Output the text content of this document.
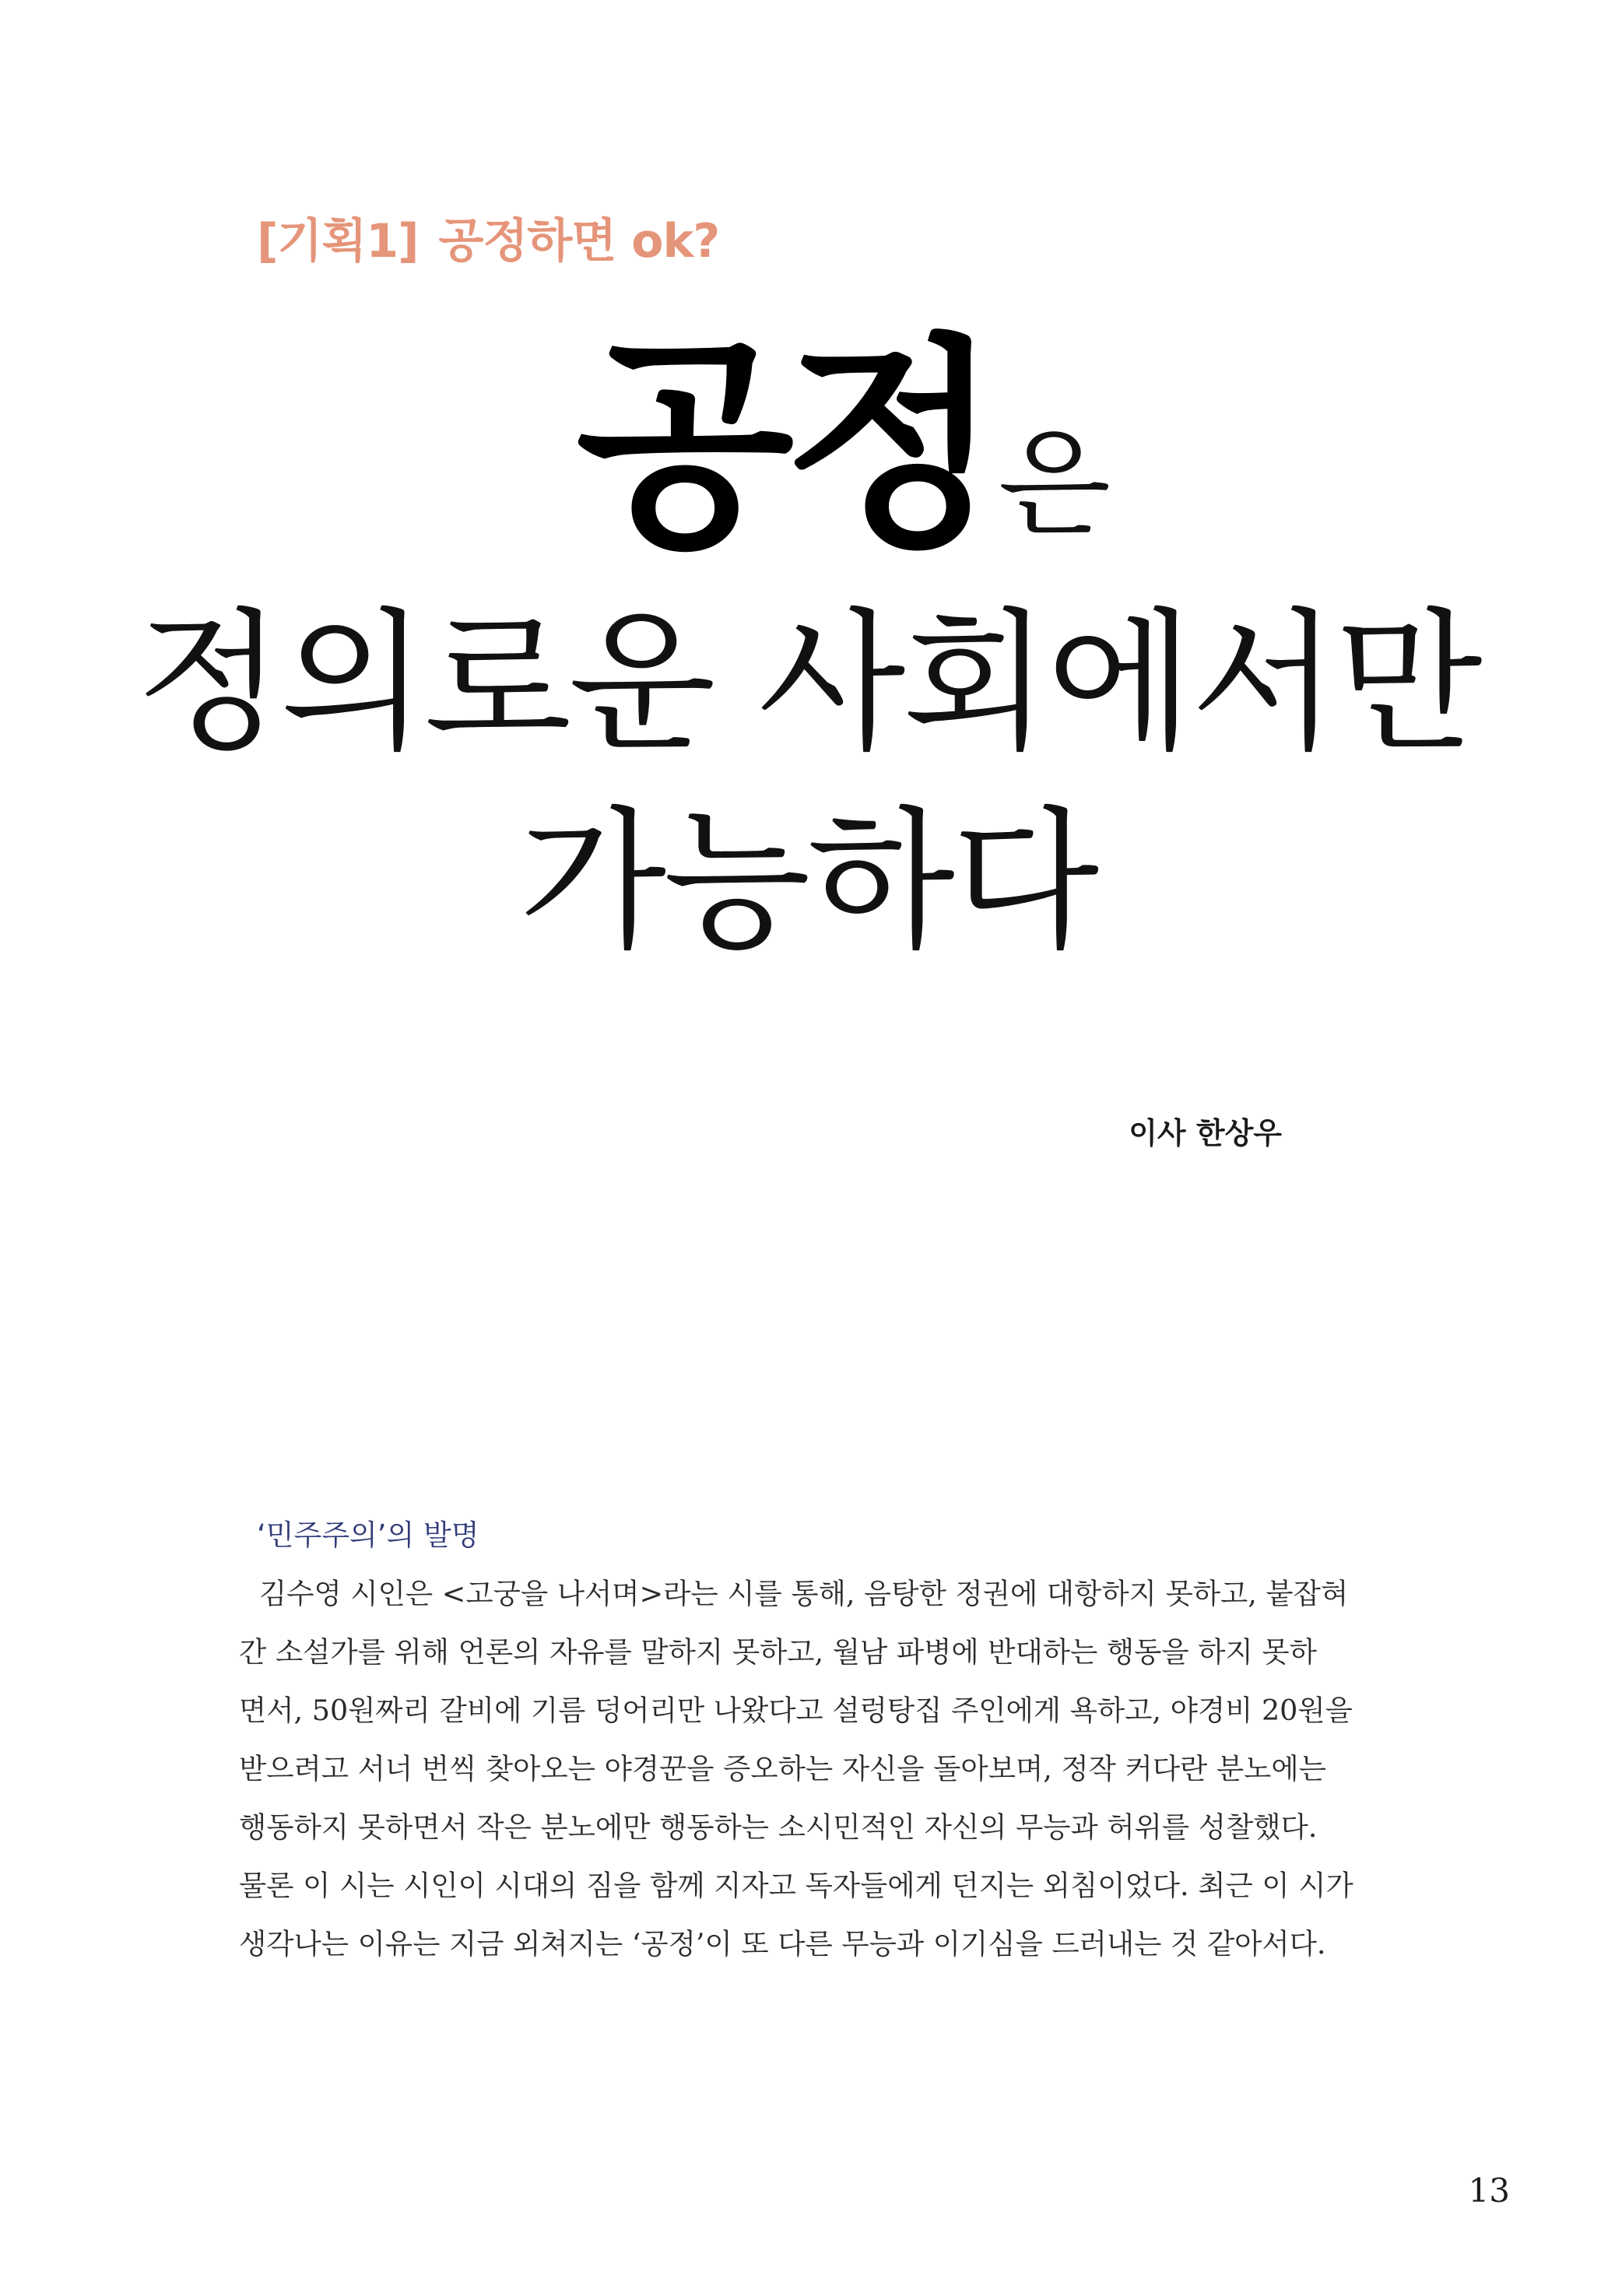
[기획1] 공정하면 ok?
공정은
정의로운 사회에서만
가능하다
이사 한상우
‘민주주의’의 발명
김수영 시인은 <고궁을 나서며>라는 시를 통해, 음탕한 정권에 대항하지 못하고, 붙잡혀
간 소설가를 위해 언론의 자유를 말하지 못하고, 월남 파병에 반대하는 행동을 하지 못하
면서, 50원짜리 갈비에 기름 덩어리만 나왔다고 설렁탕집 주인에게 욕하고, 야경비 20원을
받으려고 서너 번씩 찾아오는 야경꾼을 증오하는 자신을 돌아보며, 정작 커다란 분노에는
행동하지 못하면서 작은 분노에만 행동하는 소시민적인 자신의 무능과 허위를 성찰했다.
물론 이 시는 시인이 시대의 짐을 함께 지자고 독자들에게 던지는 외침이었다. 최근 이 시가
생각나는 이유는 지금 외쳐지는 ‘공정’이 또 다른 무능과 이기심을 드러내는 것 같아서다.
13
